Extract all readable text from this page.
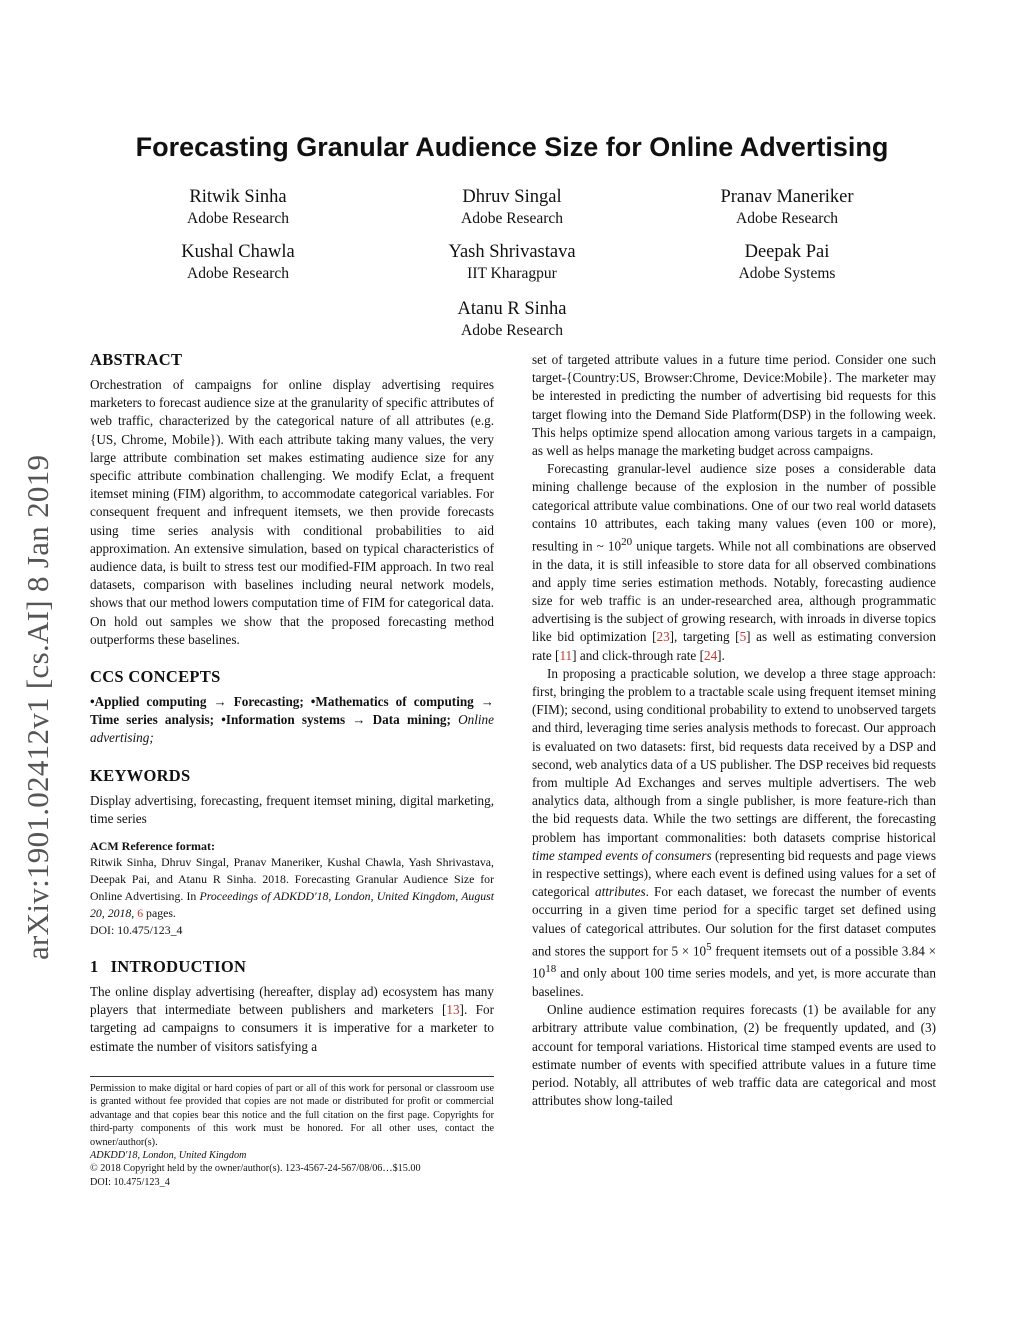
arXiv:1901.02412v1 [cs.AI] 8 Jan 2019
Forecasting Granular Audience Size for Online Advertising
Ritwik Sinha
Adobe Research
Dhruv Singal
Adobe Research
Pranav Maneriker
Adobe Research
Kushal Chawla
Adobe Research
Yash Shrivastava
IIT Kharagpur
Deepak Pai
Adobe Systems
Atanu R Sinha
Adobe Research
ABSTRACT

Orchestration of campaigns for online display advertising requires marketers to forecast audience size at the granularity of specific attributes of web traffic, characterized by the categorical nature of all attributes (e.g. {US, Chrome, Mobile}). With each attribute taking many values, the very large attribute combination set makes estimating audience size for any specific attribute combination challenging. We modify Eclat, a frequent itemset mining (FIM) algorithm, to accommodate categorical variables. For consequent frequent and infrequent itemsets, we then provide forecasts using time series analysis with conditional probabilities to aid approximation. An extensive simulation, based on typical characteristics of audience data, is built to stress test our modified-FIM approach. In two real datasets, comparison with baselines including neural network models, shows that our method lowers computation time of FIM for categorical data. On hold out samples we show that the proposed forecasting method outperforms these baselines.

CCS CONCEPTS

•Applied computing → Forecasting; •Mathematics of computing → Time series analysis; •Information systems → Data mining; Online advertising;

KEYWORDS

Display advertising, forecasting, frequent itemset mining, digital marketing, time series

ACM Reference format:

Ritwik Sinha, Dhruv Singal, Pranav Maneriker, Kushal Chawla, Yash Shrivastava, Deepak Pai, and Atanu R Sinha. 2018. Forecasting Granular Audience Size for Online Advertising. In Proceedings of ADKDD'18, London, United Kingdom, August 20, 2018, 6 pages.

DOI: 10.475/123_4

1 INTRODUCTION

The online display advertising (hereafter, display ad) ecosystem has many players that intermediate between publishers and marketers [13]. For targeting ad campaigns to consumers it is imperative for a marketer to estimate the number of visitors satisfying a

Permission to make digital or hard copies of part or all of this work for personal or classroom use is granted without fee provided that copies are not made or distributed for profit or commercial advantage and that copies bear this notice and the full citation on the first page. Copyrights for third-party components of this work must be honored. For all other uses, contact the owner/author(s).
ADKDD'18, London, United Kingdom
© 2018 Copyright held by the owner/author(s). 123-4567-24-567/08/06…$15.00
DOI: 10.475/123_4

set of targeted attribute values in a future time period. Consider one such target-{Country:US, Browser:Chrome, Device:Mobile}. The marketer may be interested in predicting the number of advertising bid requests for this target flowing into the Demand Side Platform(DSP) in the following week. This helps optimize spend allocation among various targets in a campaign, as well as helps manage the marketing budget across campaigns.

Forecasting granular-level audience size poses a considerable data mining challenge because of the explosion in the number of possible categorical attribute value combinations. One of our two real world datasets contains 10 attributes, each taking many values (even 100 or more), resulting in ~ $10^{20}$ unique targets. While not all combinations are observed in the data, it is still infeasible to store data for all observed combinations and apply time series estimation methods. Notably, forecasting audience size for web traffic is an under-researched area, although programmatic advertising is the subject of growing research, with inroads in diverse topics like bid optimization [23], targeting [5] as well as estimating conversion rate [11] and click-through rate [24].

In proposing a practicable solution, we develop a three stage approach: first, bringing the problem to a tractable scale using frequent itemset mining (FIM); second, using conditional probability to extend to unobserved targets and third, leveraging time series analysis methods to forecast. Our approach is evaluated on two datasets: first, bid requests data received by a DSP and second, web analytics data of a US publisher. The DSP receives bid requests from multiple Ad Exchanges and serves multiple advertisers. The web analytics data, although from a single publisher, is more feature-rich than the bid requests data. While the two settings are different, the forecasting problem has important commonalities: both datasets comprise historical time stamped events of consumers (representing bid requests and page views in respective settings), where each event is defined using values for a set of categorical attributes. For each dataset, we forecast the number of events occurring in a given time period for a specific target set defined using values of categorical attributes. Our solution for the first dataset computes and stores the support for $5 \times 10^5$ frequent itemsets out of a possible $3.84 \times 10^{18}$ and only about 100 time series models, and yet, is more accurate than baselines.

Online audience estimation requires forecasts (1) be available for any arbitrary attribute value combination, (2) be frequently updated, and (3) account for temporal variations. Historical time stamped events are used to estimate number of events with specified attribute values in a future time period. Notably, all attributes of web traffic data are categorical and most attributes show long-tailed
